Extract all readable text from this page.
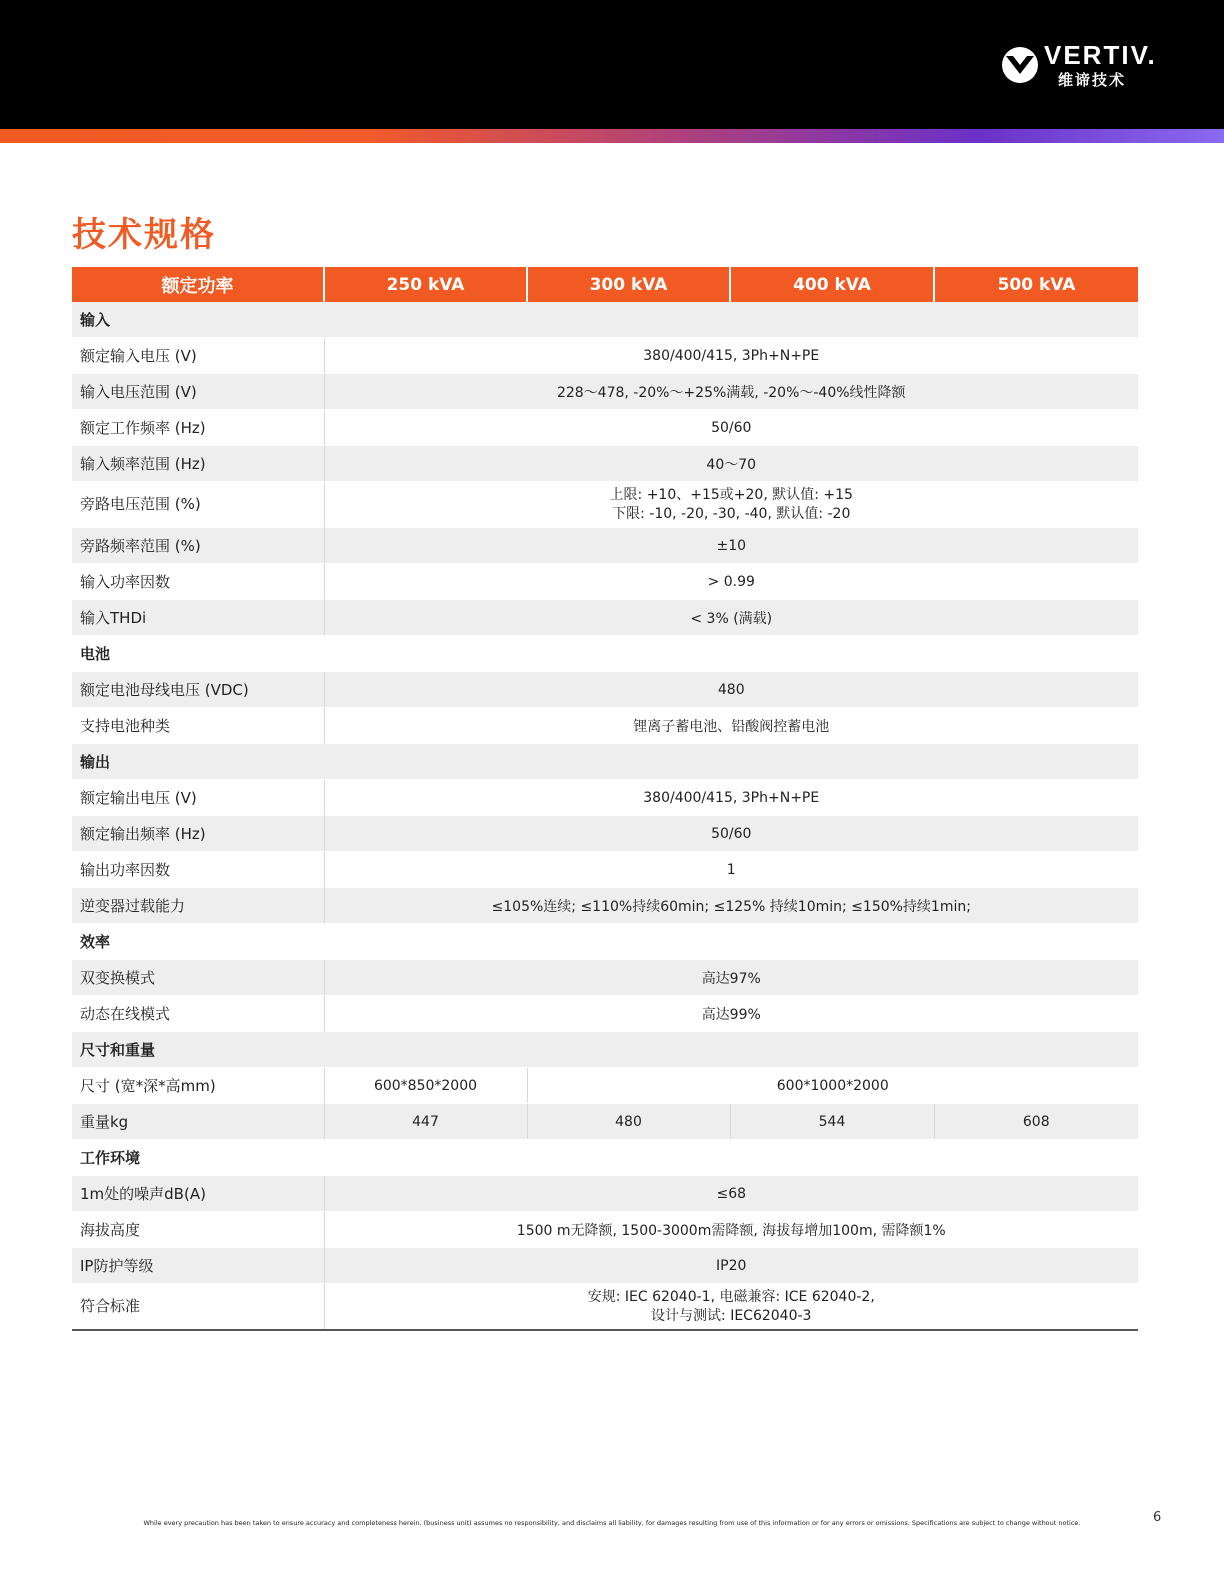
VERTIV.
维谛技术
技术规格
额定功率	250 kVA	300 kVA	400 kVA	500 kVA
输入				
额定输入电压 (V)	380/400/415, 3Ph+N+PE			
输入电压范围 (V)	228～478, -20%～+25%满载, -20%～-40%线性降额			
额定工作频率 (Hz)	50/60			
输入频率范围 (Hz)	40～70			
旁路电压范围 (%)	上限: +10、+15或+20, 默认值: +15
下限: -10, -20, -30, -40, 默认值: -20			

旁路频率范围 (%)	±10			
输入功率因数	> 0.99			
输入THDi	< 3% (满载)			
电池				
额定电池母线电压 (VDC)	480			
支持电池种类	锂离子蓄电池、铅酸阀控蓄电池			
输出				
额定输出电压 (V)	380/400/415, 3Ph+N+PE			
额定输出频率 (Hz)	50/60			
输出功率因数	1			
逆变器过载能力	≤105%连续; ≤110%持续60min; ≤125% 持续10min; ≤150%持续1min;			
效率				
双变换模式	高达97%			
动态在线模式	高达99%			
尺寸和重量				
尺寸 (宽*深*高mm)	600*850*2000	600*1000*2000		
重量kg	447	480	544	608
工作环境				
1m处的噪声dB(A)	≤68			
海拔高度	1500 m无降额, 1500-3000m需降额, 海拔每增加100m, 需降额1%			
IP防护等级	IP20			
符合标准	安规: IEC 62040-1, 电磁兼容: ICE 62040-2,
设计与测试: IEC62040-3			
While every precaution has been taken to ensure accuracy and completeness herein, (business unit) assumes no responsibility, and disclaims all liability, for damages resulting from use of this information or for any errors or omissions. Specifications are subject to change without notice.	6
